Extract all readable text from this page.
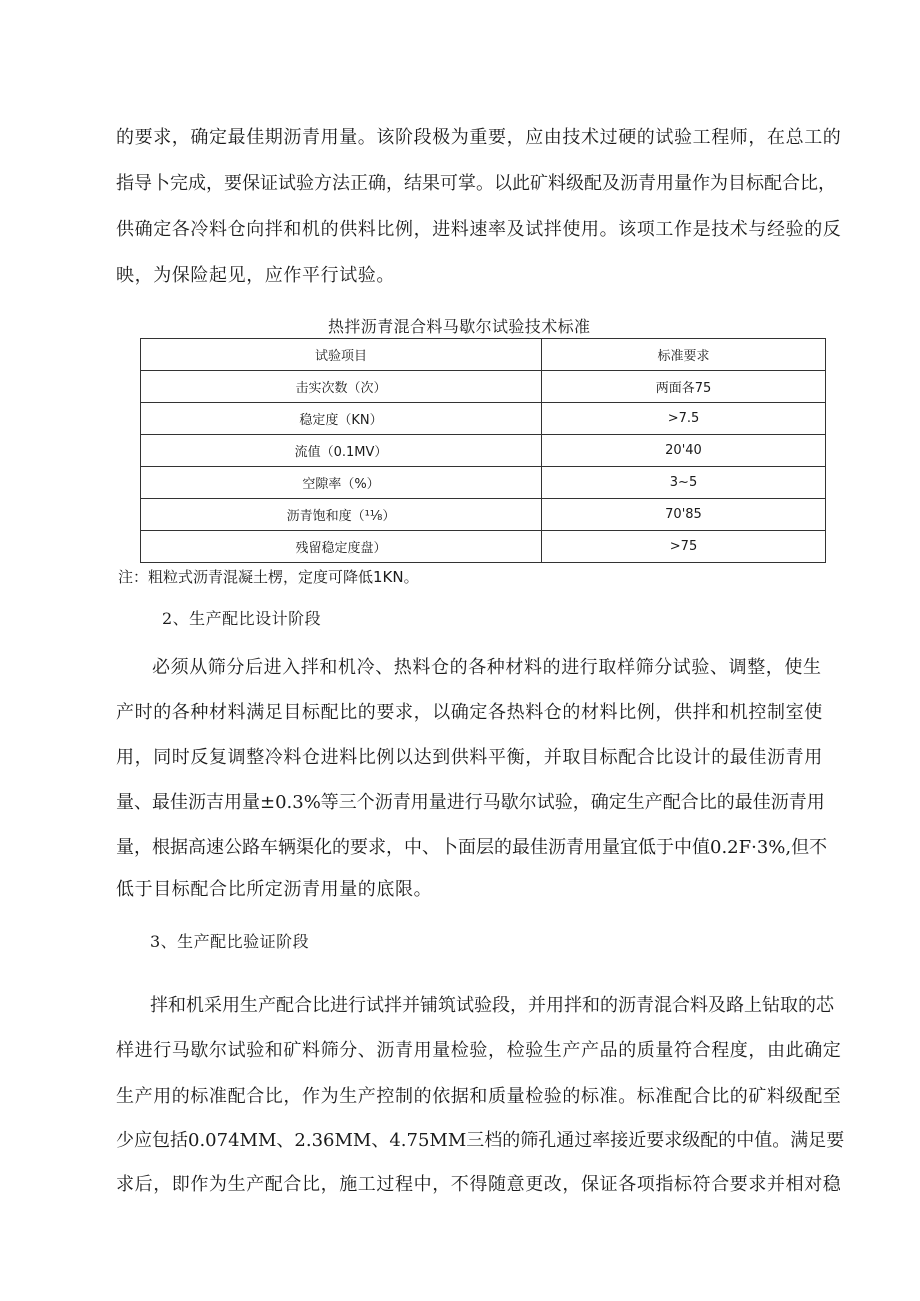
的要求，确定最佳期沥青用量。该阶段极为重要，应由技术过硬的试验工程师，在总工的
指导卜完成，要保证试验方法正确，结果可掌。以此矿料级配及沥青用量作为目标配合比，
供确定各冷料仓向拌和机的供料比例，进料速率及试拌使用。该项工作是技术与经验的反
映，为保险起见，应作平行试验。
热拌沥青混合料马歇尔试验技术标准
试验项目	标准要求
击实次数（次）	两面各75
稳定度（KN）	>7.5
流值（0.1MV）	20'40
空隙率（%）	3~5
沥青饱和度（¹⅛）	70'85
残留稳定度盘）	>75
注：粗粒式沥青混凝土楞，定度可降低1KN。
2、生产配比设计阶段
必须从筛分后进入拌和机冷、热料仓的各种材料的进行取样筛分试验、调整，使生
产时的各种材料满足目标配比的要求，以确定各热料仓的材料比例，供拌和机控制室使
用，同时反复调整冷料仓进料比例以达到供料平衡，并取目标配合比设计的最佳沥青用
量、最佳沥吉用量±0.3%等三个沥青用量进行马歇尔试验，确定生产配合比的最佳沥青用
量，根据高速公路车辆渠化的要求，中、卜面层的最佳沥青用量宜低于中值0.2F·3%,但不
低于目标配合比所定沥青用量的底限。
3、生产配比验证阶段
拌和机采用生产配合比进行试拌并铺筑试验段，并用拌和的沥青混合料及路上钻取的芯
样进行马歇尔试验和矿料筛分、沥青用量检验，检验生产产品的质量符合程度，由此确定
生产用的标准配合比，作为生产控制的依据和质量检验的标准。标准配合比的矿料级配至
少应包括0.074MM、2.36MM、4.75MM三档的筛孔通过率接近要求级配的中值。满足要
求后，即作为生产配合比，施工过程中，不得随意更改，保证各项指标符合要求并相对稳
